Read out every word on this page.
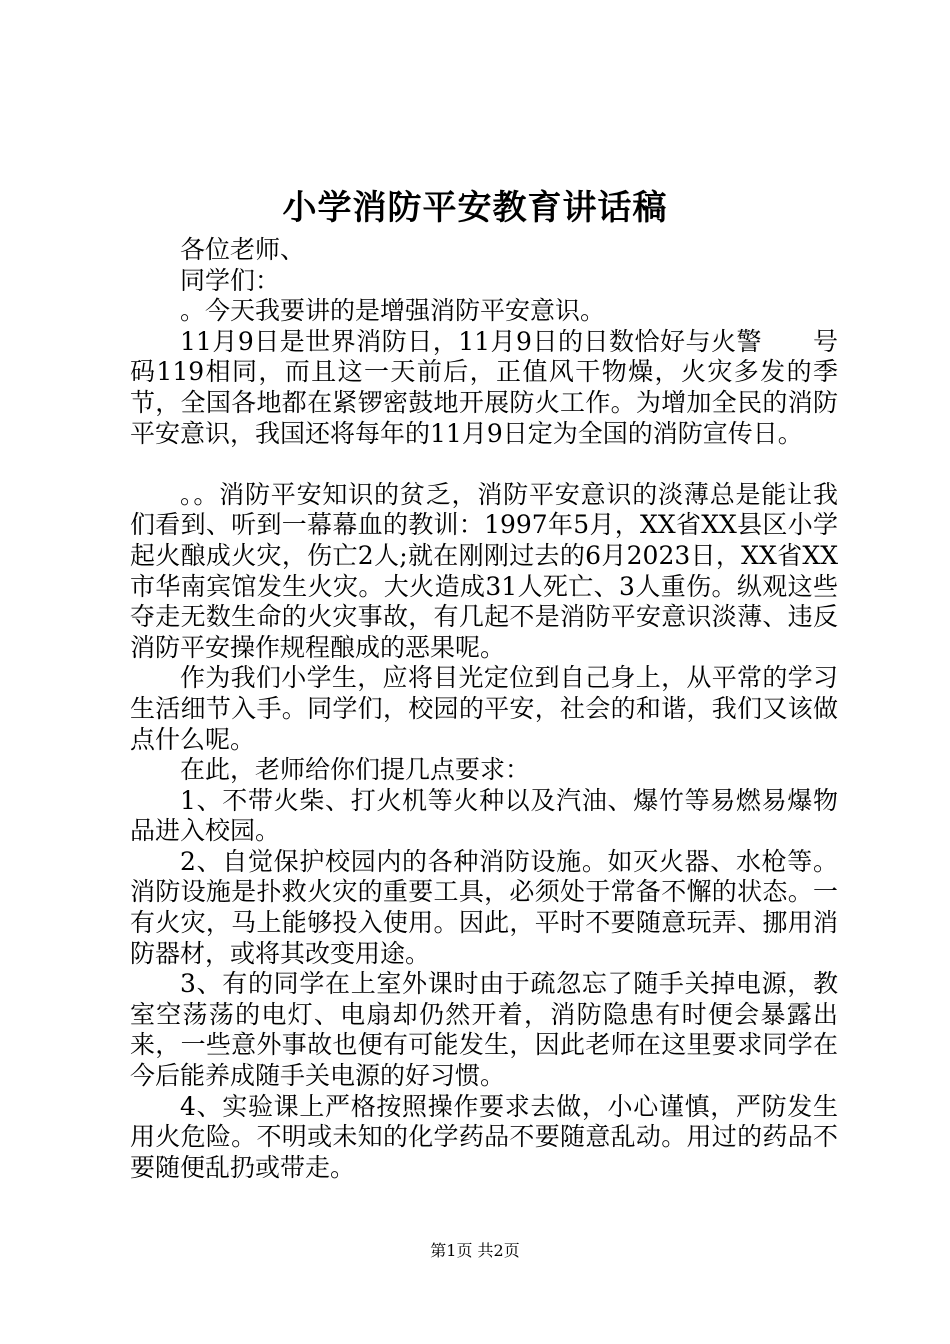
小学消防平安教育讲话稿

各位老师、

同学们：

。今天我要讲的是增强消防平安意识。

11月9日是世界消防日，11月9日的日数恰好与火警　　号码119相同，而且这一天前后，正值风干物燥，火灾多发的季节，全国各地都在紧锣密鼓地开展防火工作。为增加全民的消防平安意识，我国还将每年的11月9日定为全国的消防宣传日。

。。消防平安知识的贫乏，消防平安意识的淡薄总是能让我们看到、听到一幕幕血的教训：1997年5月，XX省XX县区小学起火酿成火灾，伤亡2人;就在刚刚过去的6月2023日，XX省XX市华南宾馆发生火灾。大火造成31人死亡、3人重伤。纵观这些夺走无数生命的火灾事故，有几起不是消防平安意识淡薄、违反消防平安操作规程酿成的恶果呢。

作为我们小学生，应将目光定位到自己身上，从平常的学习生活细节入手。同学们，校园的平安，社会的和谐，我们又该做点什么呢。

在此，老师给你们提几点要求：

1、不带火柴、打火机等火种以及汽油、爆竹等易燃易爆物品进入校园。

2、自觉保护校园内的各种消防设施。如灭火器、水枪等。消防设施是扑救火灾的重要工具，必须处于常备不懈的状态。一有火灾，马上能够投入使用。因此，平时不要随意玩弄、挪用消防器材，或将其改变用途。

3、有的同学在上室外课时由于疏忽忘了随手关掉电源，教室空荡荡的电灯、电扇却仍然开着，消防隐患有时便会暴露出来，一些意外事故也便有可能发生，因此老师在这里要求同学在今后能养成随手关电源的好习惯。

4、实验课上严格按照操作要求去做，小心谨慎，严防发生用火危险。不明或未知的化学药品不要随意乱动。用过的药品不要随便乱扔或带走。

第1页 共2页
